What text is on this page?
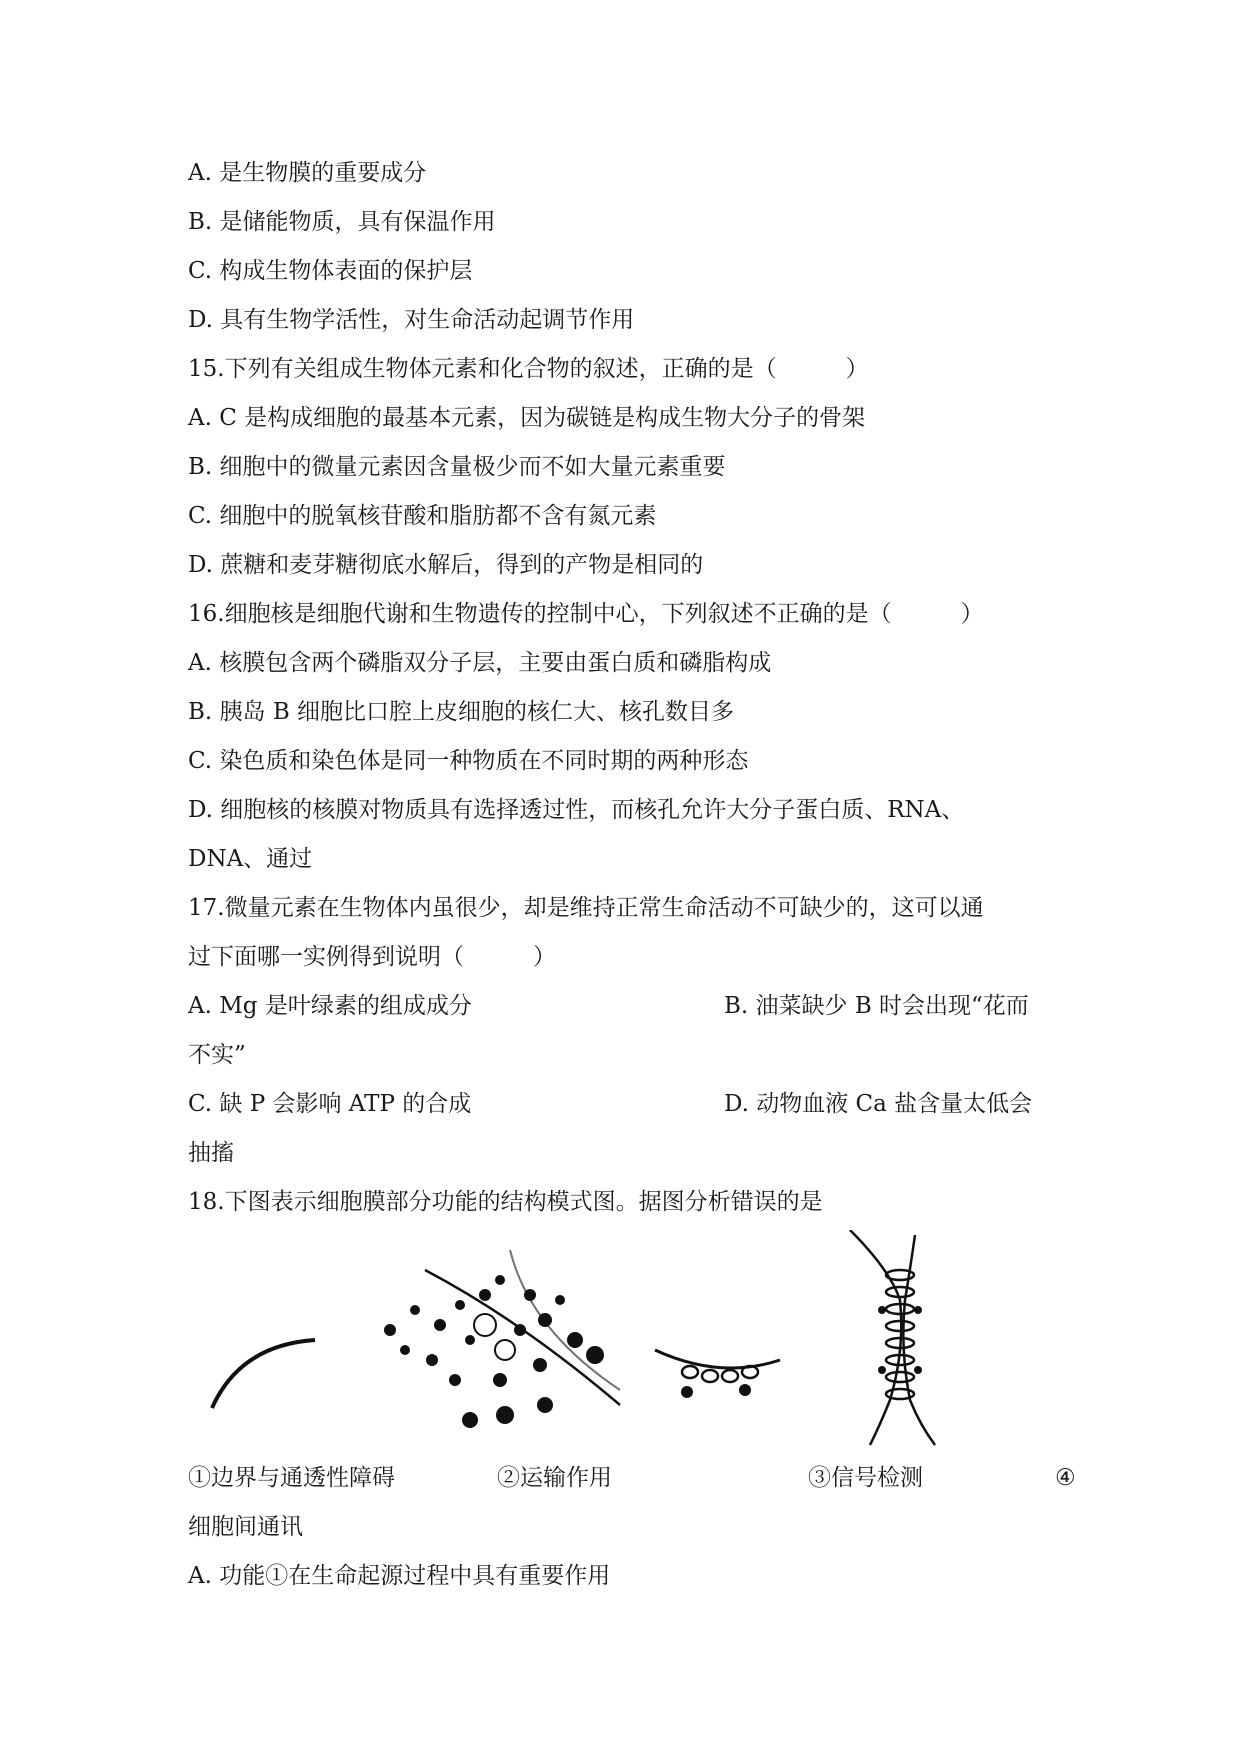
A. 是生物膜的重要成分
B. 是储能物质，具有保温作用
C. 构成生物体表面的保护层
D. 具有生物学活性，对生命活动起调节作用
15.下列有关组成生物体元素和化合物的叙述，正确的是（　　　）
A. C 是构成细胞的最基本元素，因为碳链是构成生物大分子的骨架
B. 细胞中的微量元素因含量极少而不如大量元素重要
C. 细胞中的脱氧核苷酸和脂肪都不含有氮元素
D. 蔗糖和麦芽糖彻底水解后，得到的产物是相同的
16.细胞核是细胞代谢和生物遗传的控制中心，下列叙述不正确的是（　　　）
A. 核膜包含两个磷脂双分子层，主要由蛋白质和磷脂构成
B. 胰岛 B 细胞比口腔上皮细胞的核仁大、核孔数目多
C. 染色质和染色体是同一种物质在不同时期的两种形态
D. 细胞核的核膜对物质具有选择透过性，而核孔允许大分子蛋白质、RNA、
DNA、通过
17.微量元素在生物体内虽很少，却是维持正常生命活动不可缺少的，这可以通
过下面哪一实例得到说明（　　　）
A. Mg 是叶绿素的组成成分	B. 油菜缺少 B 时会出现“花而
不实”
C. 缺 P 会影响 ATP 的合成	D. 动物血液 Ca 盐含量太低会
抽搐
18.下图表示细胞膜部分功能的结构模式图。据图分析错误的是
①边界与通透性障碍	②运输作用	③信号检测	④
细胞间通讯
A. 功能①在生命起源过程中具有重要作用
